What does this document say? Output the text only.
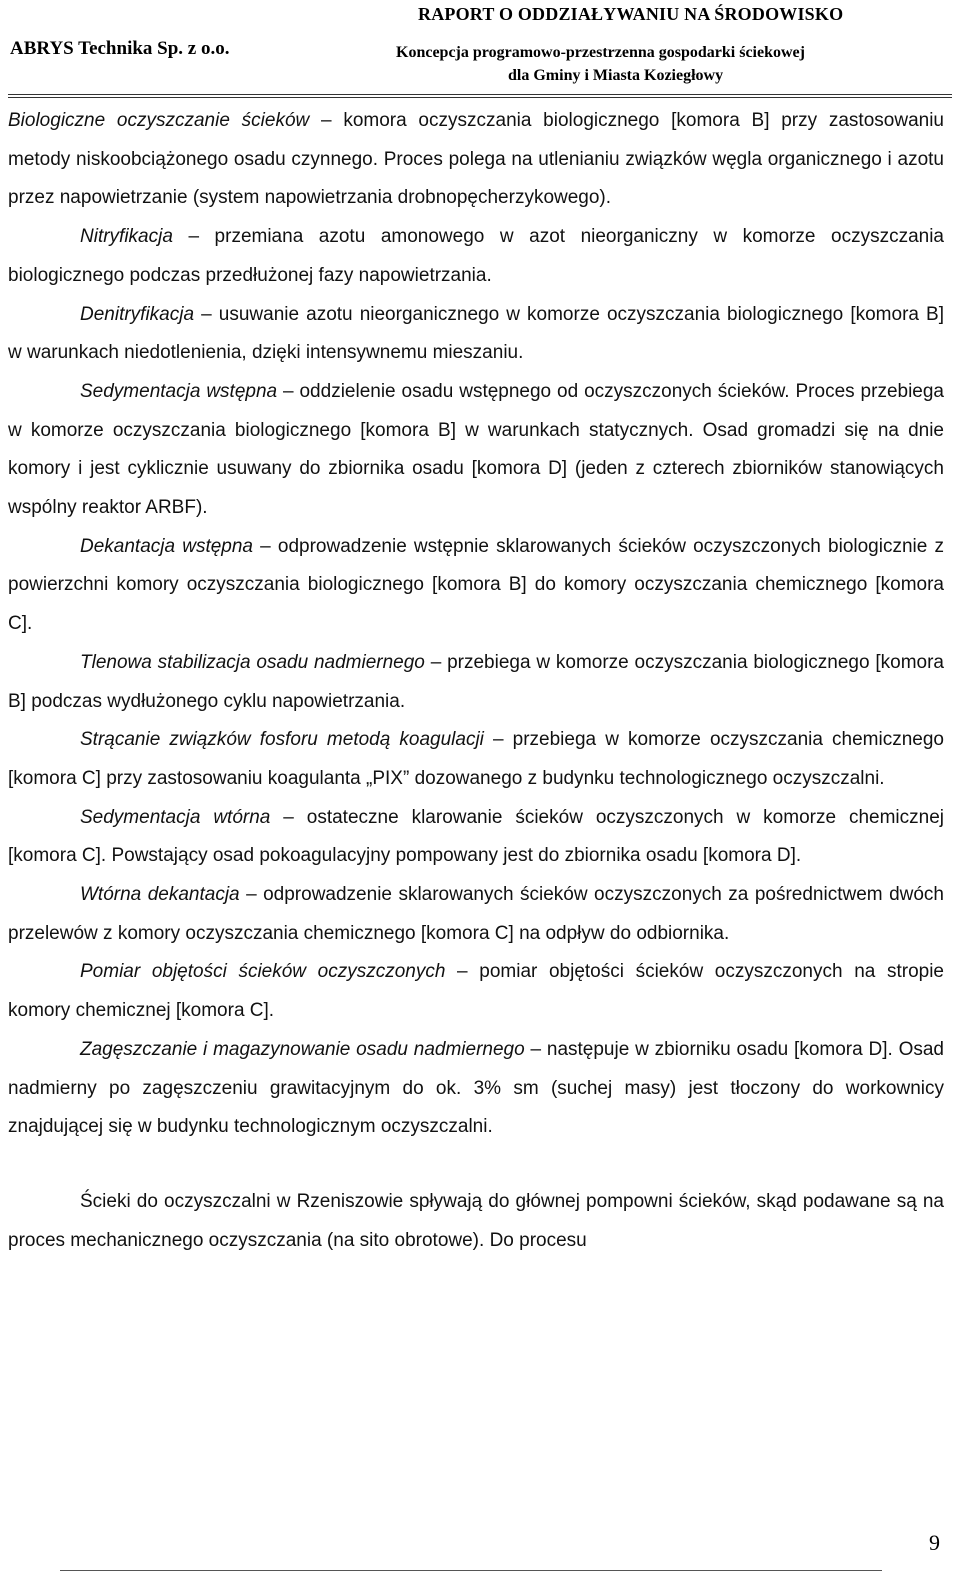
RAPORT O ODDZIAŁYWANIU NA ŚRODOWISKO
ABRYS Technika Sp. z o.o.	Koncepcja programowo-przestrzenna gospodarki ściekowej
dla Gminy i Miasta Koziegłowy

Biologiczne oczyszczanie ścieków – komora oczyszczania biologicznego [komora B] przy zastosowaniu metody niskoobciążonego osadu czynnego. Proces polega na utlenianiu związków węgla organicznego i azotu przez napowietrzanie (system napowietrzania drobnopęcherzykowego).

Nitryfikacja – przemiana azotu amonowego w azot nieorganiczny w komorze oczyszczania biologicznego podczas przedłużonej fazy napowietrzania.

Denitryfikacja – usuwanie azotu nieorganicznego w komorze oczyszczania biologicznego [komora B] w warunkach niedotlenienia, dzięki intensywnemu mieszaniu.

Sedymentacja wstępna – oddzielenie osadu wstępnego od oczyszczonych ścieków. Proces przebiega w komorze oczyszczania biologicznego [komora B] w warunkach statycznych. Osad gromadzi się na dnie komory i jest cyklicznie usuwany do zbiornika osadu [komora D] (jeden z czterech zbiorników stanowiących wspólny reaktor ARBF).

Dekantacja wstępna – odprowadzenie wstępnie sklarowanych ścieków oczyszczonych biologicznie z powierzchni komory oczyszczania biologicznego [komora B] do komory oczyszczania chemicznego [komora C].

Tlenowa stabilizacja osadu nadmiernego – przebiega w komorze oczyszczania biologicznego [komora B] podczas wydłużonego cyklu napowietrzania.

Strącanie związków fosforu metodą koagulacji – przebiega w komorze oczyszczania chemicznego [komora C] przy zastosowaniu koagulanta „PIX” dozowanego z budynku technologicznego oczyszczalni.

Sedymentacja wtórna – ostateczne klarowanie ścieków oczyszczonych w komorze chemicznej [komora C]. Powstający osad pokoagulacyjny pompowany jest do zbiornika osadu [komora D].

Wtórna dekantacja – odprowadzenie sklarowanych ścieków oczyszczonych za pośrednictwem dwóch przelewów z komory oczyszczania chemicznego [komora C] na odpływ do odbiornika.

Pomiar objętości ścieków oczyszczonych – pomiar objętości ścieków oczyszczonych na stropie komory chemicznej [komora C].

Zagęszczanie i magazynowanie osadu nadmiernego – następuje w zbiorniku osadu [komora D]. Osad nadmierny po zagęszczeniu grawitacyjnym do ok. 3% sm (suchej masy) jest tłoczony do workownicy znajdującej się w budynku technologicznym oczyszczalni.

Ścieki do oczyszczalni w Rzeniszowie spływają do głównej pompowni ścieków, skąd podawane są na proces mechanicznego oczyszczania (na sito obrotowe). Do procesu

9
